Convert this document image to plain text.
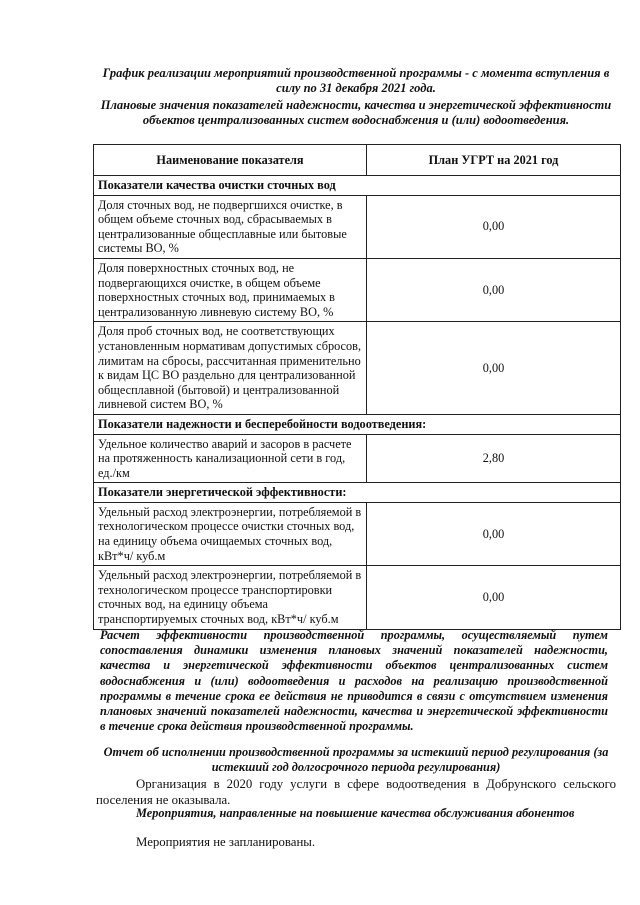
График реализации мероприятий производственной программы - с момента вступления в силу по 31 декабря 2021 года.

Плановые значения показателей надежности, качества и энергетической эффективности объектов централизованных систем водоснабжения и (или) водоотведения.

Наименование показателя	План УГРТ на 2021 год
Показатели качества очистки сточных вод	
Доля сточных вод, не подвергшихся очистке, в общем объеме сточных вод, сбрасываемых в централизованные общесплавные или бытовые системы ВО, %	0,00
Доля поверхностных сточных вод, не подвергающихся очистке, в общем объеме поверхностных сточных вод, принимаемых в централизованную ливневую систему ВО, %	0,00
Доля проб сточных вод, не соответствующих установленным нормативам допустимых сбросов, лимитам на сбросы, рассчитанная применительно к видам ЦС ВО раздельно для централизованной общесплавной (бытовой) и централизованной ливневой систем ВО, %	0,00
Показатели надежности и бесперебойности водоотведения:	
Удельное количество аварий и засоров в расчете на протяженность канализационной сети в год, ед./км	2,80
Показатели энергетической эффективности:	
Удельный расход электроэнергии, потребляемой в технологическом процессе очистки сточных вод, на единицу объема очищаемых сточных вод, кВт*ч/ куб.м	0,00
Удельный расход электроэнергии, потребляемой в технологическом процессе транспортировки сточных вод, на единицу объема транспортируемых сточных вод, кВт*ч/ куб.м	0,00

Расчет эффективности производственной программы, осуществляемый путем сопоставления динамики изменения плановых значений показателей надежности, качества и энергетической эффективности объектов централизованных систем водоснабжения и (или) водоотведения и расходов на реализацию производственной программы в течение срока ее действия не приводится в связи с отсутствием изменения плановых значений показателей надежности, качества и энергетической эффективности в течение срока действия производственной программы.

Отчет об исполнении производственной программы за истекший период регулирования (за истекший год долгосрочного периода регулирования)

Организация в 2020 году услуги в сфере водоотведения в Добрунского сельского поселения не оказывала.

Мероприятия, направленные на повышение качества обслуживания абонентов

Мероприятия не запланированы.
